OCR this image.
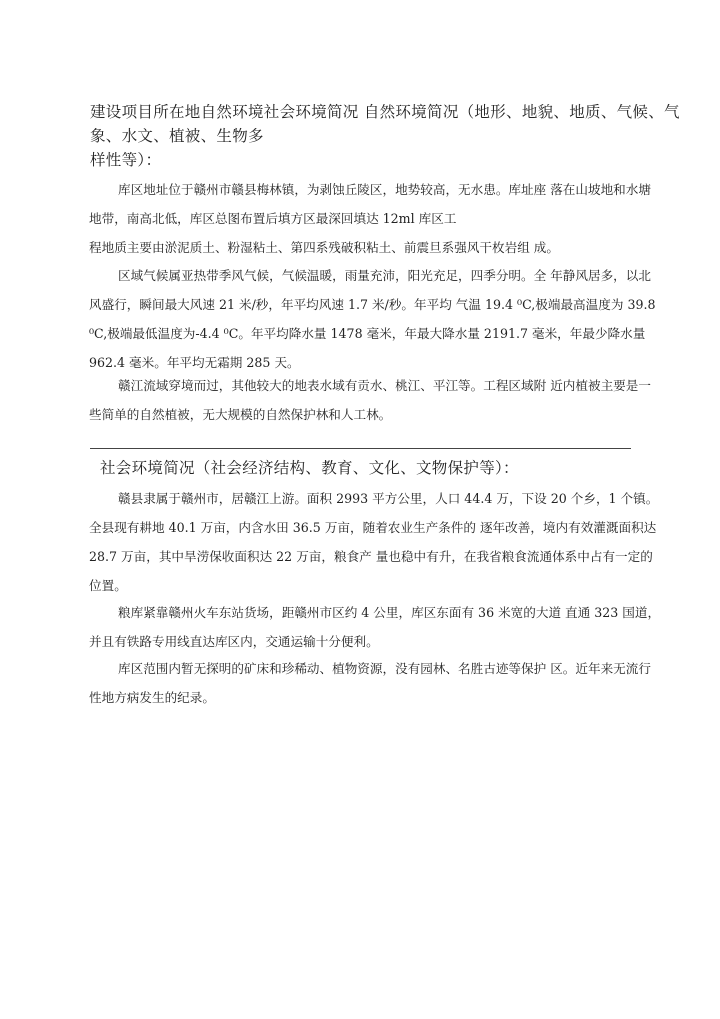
建设项目所在地自然环境社会环境简况 自然环境简况（地形、地貌、地质、气候、气
象、水文、植被、生物多
样性等）：
库区地址位于赣州市赣县梅林镇，为剥蚀丘陵区，地势较高，无水患。库址座 落在山坡地和水塘
地带，南高北低，库区总图布置后填方区最深回填达 12ml 库区工
程地质主要由淤泥质土、粉湿粘土、第四系残破积粘土、前震旦系强风干枚岩组 成。
区域气候属亚热带季风气候，气候温暖，雨量充沛，阳光充足，四季分明。全 年静风居多，以北
风盛行，瞬间最大风速 21 米/秒，年平均风速 1.7 米/秒。年平均 气温 19.4 ⁰C,极端最高温度为 39.8
⁰C,极端最低温度为-4.4 ⁰C。年平均降水量 1478 毫米，年最大降水量 2191.7 毫米，年最少降水量
962.4 毫米。年平均无霜期 285 天。
赣江流域穿境而过，其他较大的地表水域有贡水、桃江、平江等。工程区域附 近内植被主要是一
些简单的自然植被，无大规模的自然保护林和人工林。
社会环境简况（社会经济结构、教育、文化、文物保护等）：
赣县隶属于赣州市，居赣江上游。面积 2993 平方公里，人口 44.4 万，下设 20 个乡，1 个镇。
全县现有耕地 40.1 万亩，内含水田 36.5 万亩，随着农业生产条件的 逐年改善，境内有效灌溉面积达
28.7 万亩，其中旱涝保收面积达 22 万亩，粮食产 量也稳中有升，在我省粮食流通体系中占有一定的
位置。
粮库紧靠赣州火车东站货场，距赣州市区约 4 公里，库区东面有 36 米宽的大道 直通 323 国道，
并且有铁路专用线直达库区内，交通运输十分便利。
库区范围内暂无探明的矿床和珍稀动、植物资源，没有园林、名胜古迹等保护 区。近年来无流行
性地方病发生的纪录。
